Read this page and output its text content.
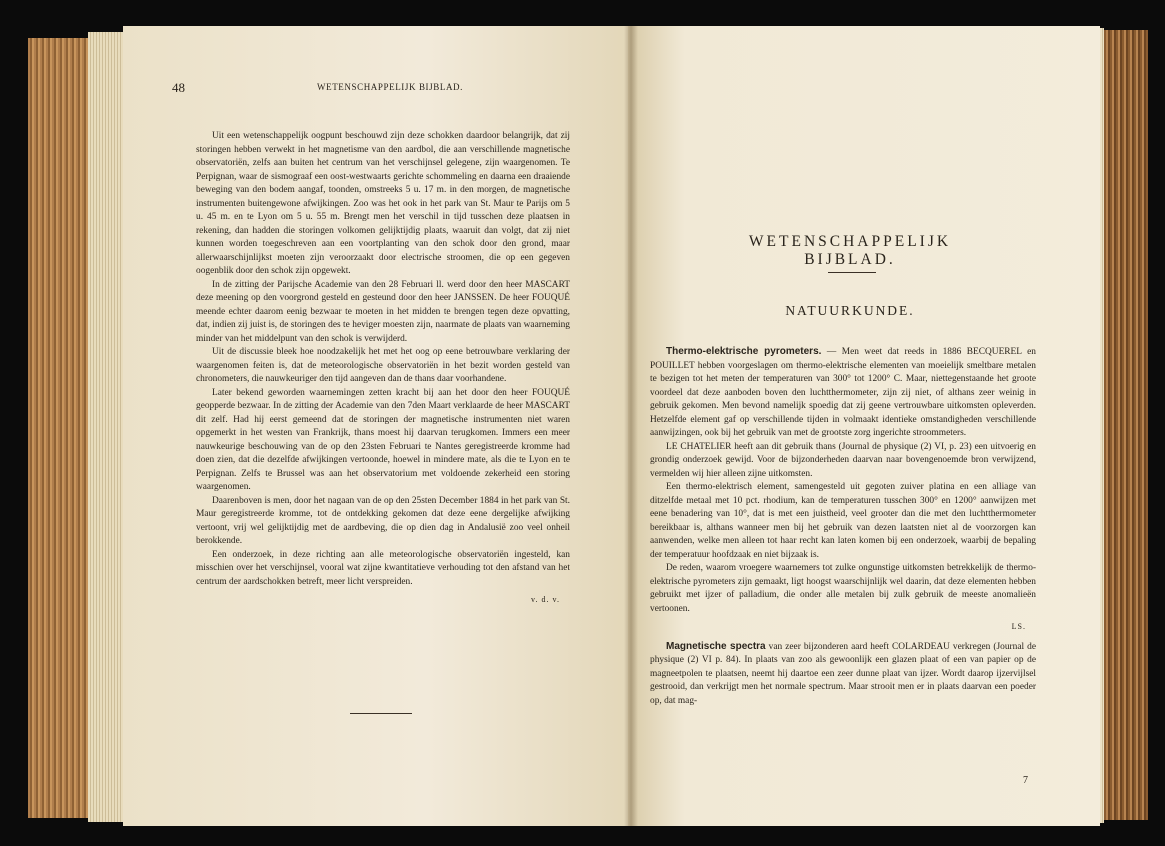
48	WETENSCHAPPELIJK BIJBLAD.

Uit een wetenschappelijk oogpunt beschouwd zijn deze schokken daardoor belangrijk, dat zij storingen hebben verwekt in het magnetisme van den aardbol, die aan verschillende magnetische observatoriën, zelfs aan buiten het centrum van het verschijnsel gelegene, zijn waargenomen. Te Perpignan, waar de sismograaf een oost-westwaarts gerichte schommeling en daarna een draaiende beweging van den bodem aangaf, toonden, omstreeks 5 u. 17 m. in den morgen, de magnetische instrumenten buitengewone afwijkingen. Zoo was het ook in het park van St. Maur te Parijs om 5 u. 45 m. en te Lyon om 5 u. 55 m. Brengt men het verschil in tijd tusschen deze plaatsen in rekening, dan hadden die storingen volkomen gelijktijdig plaats, waaruit dan volgt, dat zij niet kunnen worden toegeschreven aan een voortplanting van den schok door den grond, maar allerwaarschijnlijkst moeten zijn veroorzaakt door electrische stroomen, die op een gegeven oogenblik door den schok zijn opgewekt.

In de zitting der Parijsche Academie van den 28 Februari ll. werd door den heer MASCART deze meening op den voorgrond gesteld en gesteund door den heer JANSSEN. De heer FOUQUÉ meende echter daarom eenig bezwaar te moeten in het midden te brengen tegen deze opvatting, dat, indien zij juist is, de storingen des te heviger moesten zijn, naarmate de plaats van waarneming minder van het middelpunt van den schok is verwijderd.

Uit de discussie bleek hoe noodzakelijk het met het oog op eene betrouwbare verklaring der waargenomen feiten is, dat de meteorologische observatoriën in het bezit worden gesteld van chronometers, die nauwkeuriger den tijd aangeven dan de thans daar voorhandene.

Later bekend geworden waarnemingen zetten kracht bij aan het door den heer FOUQUÉ geopperde bezwaar. In de zitting der Academie van den 7den Maart verklaarde de heer MASCART dit zelf. Had hij eerst gemeend dat de storingen der magnetische instrumenten niet waren opgemerkt in het westen van Frankrijk, thans moest hij daarvan terugkomen. Immers een meer nauwkeurige beschouwing van de op den 23sten Februari te Nantes geregistreerde kromme had doen zien, dat die dezelfde afwijkingen vertoonde, hoewel in mindere mate, als die te Lyon en te Perpignan. Zelfs te Brussel was aan het observatorium met voldoende zekerheid een storing waargenomen.

Daarenboven is men, door het nagaan van de op den 25sten December 1884 in het park van St. Maur geregistreerde kromme, tot de ontdekking gekomen dat deze eene dergelijke afwijking vertoont, vrij wel gelijktijdig met de aardbeving, die op dien dag in Andalusië zoo veel onheil berokkende.

Een onderzoek, in deze richting aan alle meteorologische observatoriën ingesteld, kan misschien over het verschijnsel, vooral wat zijne kwantitatieve verhouding tot den afstand van het centrum der aardschokken betreft, meer licht verspreiden.

v. d. v.
WETENSCHAPPELIJK BIJBLAD.
NATUURKUNDE.

Thermo-elektrische pyrometers. — Men weet dat reeds in 1886 BECQUEREL en POUILLET hebben voorgeslagen om thermo-elektrische elementen van moeielijk smeltbare metalen te bezigen tot het meten der temperaturen van 300° tot 1200° C. Maar, niettegenstaande het groote voordeel dat deze aanboden boven den luchtthermometer, zijn zij niet, of althans zeer weinig in gebruik gekomen. Men bevond namelijk spoedig dat zij geene vertrouwbare uitkomsten opleverden. Hetzelfde element gaf op verschillende tijden in volmaakt identieke omstandigheden verschillende aanwijzingen, ook bij het gebruik van met de grootste zorg ingerichte stroommeters.

LE CHATELIER heeft aan dit gebruik thans (Journal de physique (2) VI, p. 23) een uitvoerig en grondig onderzoek gewijd. Voor de bijzonderheden daarvan naar bovengenoemde bron verwijzend, vermelden wij hier alleen zijne uitkomsten.

Een thermo-elektrisch element, samengesteld uit gegoten zuiver platina en een alliage van ditzelfde metaal met 10 pct. rhodium, kan de temperaturen tusschen 300° en 1200° aanwijzen met eene benadering van 10°, dat is met een juistheid, veel grooter dan die met den luchtthermometer bereikbaar is, althans wanneer men bij het gebruik van dezen laatsten niet al de voorzorgen kan aanwenden, welke men alleen tot haar recht kan laten komen bij een onderzoek, waarbij de bepaling der temperatuur hoofdzaak en niet bijzaak is.

De reden, waarom vroegere waarnemers tot zulke ongunstige uitkomsten betrekkelijk de thermo-elektrische pyrometers zijn gemaakt, ligt hoogst waarschijnlijk wel daarin, dat deze elementen hebben gebruikt met ijzer of palladium, die onder alle metalen bij zulk gebruik de meeste anomalieën vertoonen.

LS.

Magnetische spectra van zeer bijzonderen aard heeft COLARDEAU verkregen (Journal de physique (2) VI p. 84). In plaats van zoo als gewoonlijk een glazen plaat of een van papier op de magneetpolen te plaatsen, neemt hij daartoe een zeer dunne plaat van ijzer. Wordt daarop ijzervijlsel gestrooid, dan verkrijgt men het normale spectrum. Maar strooit men er in plaats daarvan een poeder op, dat mag-

7
